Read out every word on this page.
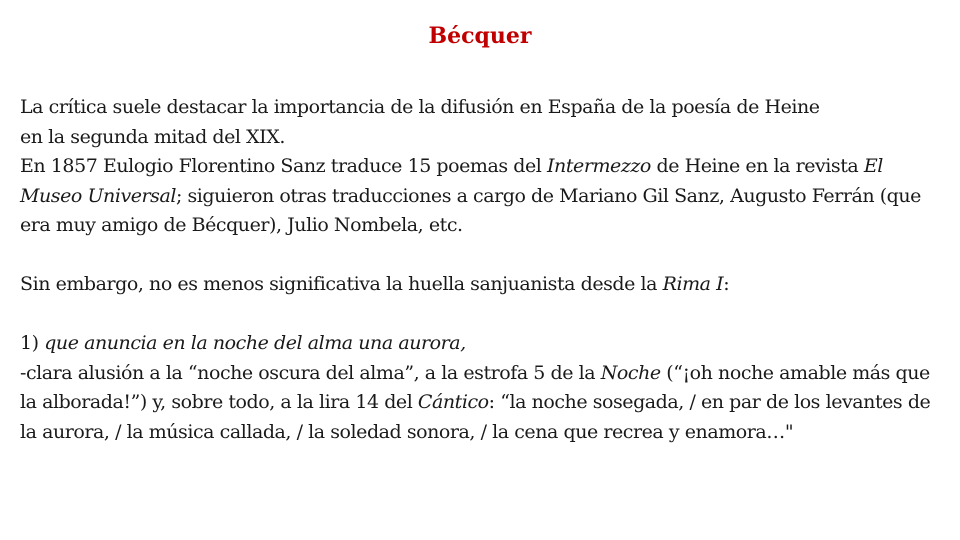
Bécquer

La crítica suele destacar la importancia de la difusión en España de la poesía de Heine
en la segunda mitad del XIX.

En 1857 Eulogio Florentino Sanz traduce 15 poemas del Intermezzo de Heine en la revista El Museo Universal; siguieron otras traducciones a cargo de Mariano Gil Sanz, Augusto Ferrán (que era muy amigo de Bécquer), Julio Nombela, etc.

Sin embargo, no es menos significativa la huella sanjuanista desde la Rima I:

1) que anuncia en la noche del alma una aurora,

-clara alusión a la “noche oscura del alma”, a la estrofa 5 de la Noche (“¡oh noche amable más que la alborada!”) y, sobre todo, a la lira 14 del Cántico: “la noche sosegada, / en par de los levantes de la aurora, / la música callada, / la soledad sonora, / la cena que recrea y enamora…"
